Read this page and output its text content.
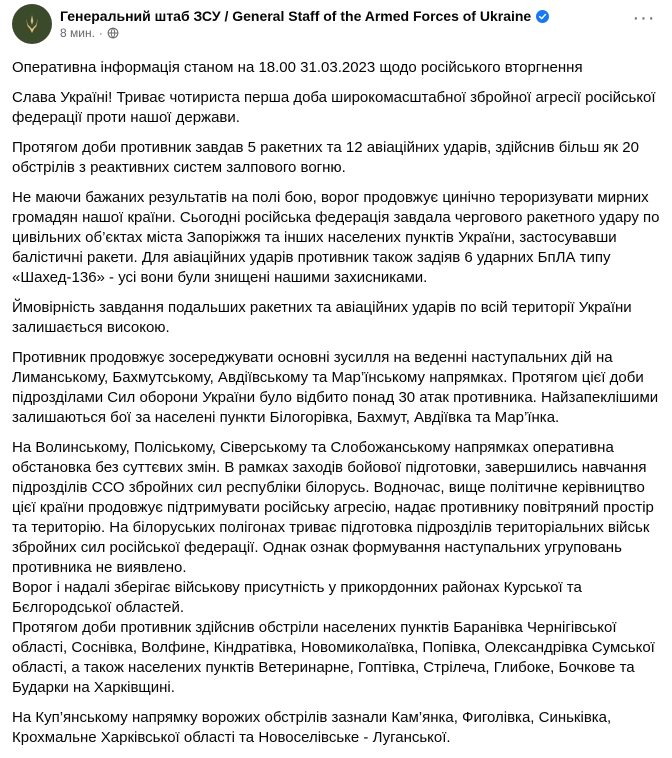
Генеральний штаб ЗСУ / General Staff of the Armed Forces of Ukraine
8 мин. ·
···

Оперативна інформація станом на 18.00 31.03.2023 щодо російського вторгнення

Слава Україні! Триває чотириста перша доба широкомасштабної збройної агресії російської
федерації проти нашої держави.

Протягом доби противник завдав 5 ракетних та 12 авіаційних ударів, здійснив більш як 20
обстрілів з реактивних систем залпового вогню.

Не маючи бажаних результатів на полі бою, ворог продовжує цинічно тероризувати мирних
громадян нашої країни. Сьогодні російська федерація завдала чергового ракетного удару по
цивільних об’єктах міста Запоріжжя та інших населених пунктів України, застосувавши
балістичні ракети. Для авіаційних ударів противник також задіяв 6 ударних БпЛА типу
«Шахед-136» - усі вони були знищені нашими захисниками.

Ймовірність завдання подальших ракетних та авіаційних ударів по всій території України
залишається високою.

Противник продовжує зосереджувати основні зусилля на веденні наступальних дій на
Лиманському, Бахмутському, Авдіївському та Мар’їнському напрямках. Протягом цієї доби
підрозділами Сил оборони України було відбито понад 30 атак противника. Найзапеклішими
залишаються бої за населені пункти Білогорівка, Бахмут, Авдіївка та Мар’їнка.

На Волинському, Поліському, Сіверському та Слобожанському напрямках оперативна
обстановка без суттєвих змін. В рамках заходів бойової підготовки, завершились навчання
підрозділів ССО збройних сил республіки білорусь. Водночас, вище політичне керівництво
цієї країни продовжує підтримувати російську агресію, надає противнику повітряний простір
та територію. На білоруських полігонах триває підготовка підрозділів територіальних військ
збройних сил російської федерації. Однак ознак формування наступальних угруповань
противника не виявлено.

Ворог і надалі зберігає військову присутність у прикордонних районах Курської та
Бєлгородської областей.

Протягом доби противник здійснив обстріли населених пунктів Баранівка Чернігівської
області, Соснівка, Волфине, Кіндратівка, Новомиколаївка, Попівка, Олександрівка Сумської
області, а також населених пунктів Ветеринарне, Гоптівка, Стрілеча, Глибоке, Бочкове та
Бударки на Харківщині.

На Куп’янському напрямку ворожих обстрілів зазнали Кам’янка, Фиголівка, Синьківка,
Крохмальне Харківської області та Новоселівське - Луганської.
